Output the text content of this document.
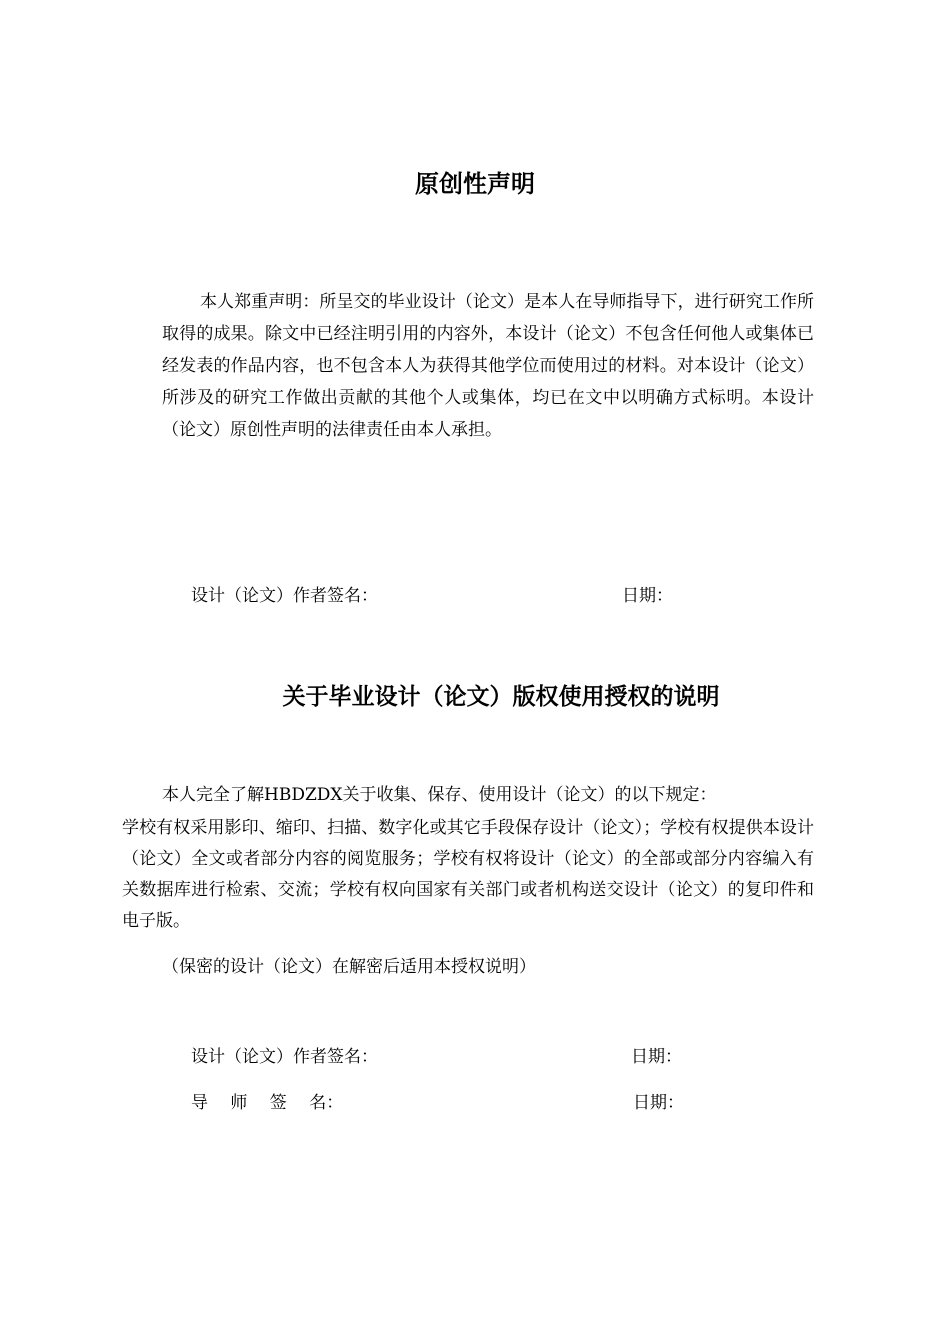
原创性声明

本人郑重声明：所呈交的毕业设计（论文）是本人在导师指导下，进行研究工作所取得的成果。除文中已经注明引用的内容外，本设计（论文）不包含任何他人或集体已经发表的作品内容，也不包含本人为获得其他学位而使用过的材料。对本设计（论文）所涉及的研究工作做出贡献的其他个人或集体，均已在文中以明确方式标明。本设计（论文）原创性声明的法律责任由本人承担。

设计（论文）作者签名：	日期：
关于毕业设计（论文）版权使用授权的说明

本人完全了解HBDZDX关于收集、保存、使用设计（论文）的以下规定：

学校有权采用影印、缩印、扫描、数字化或其它手段保存设计（论文）；学校有权提供本设计（论文）全文或者部分内容的阅览服务；学校有权将设计（论文）的全部或部分内容编入有关数据库进行检索、交流；学校有权向国家有关部门或者机构送交设计（论文）的复印件和电子版。

（保密的设计（论文）在解密后适用本授权说明）

设计（论文）作者签名：	日期：
导　 师　 签　 名：	日期：
